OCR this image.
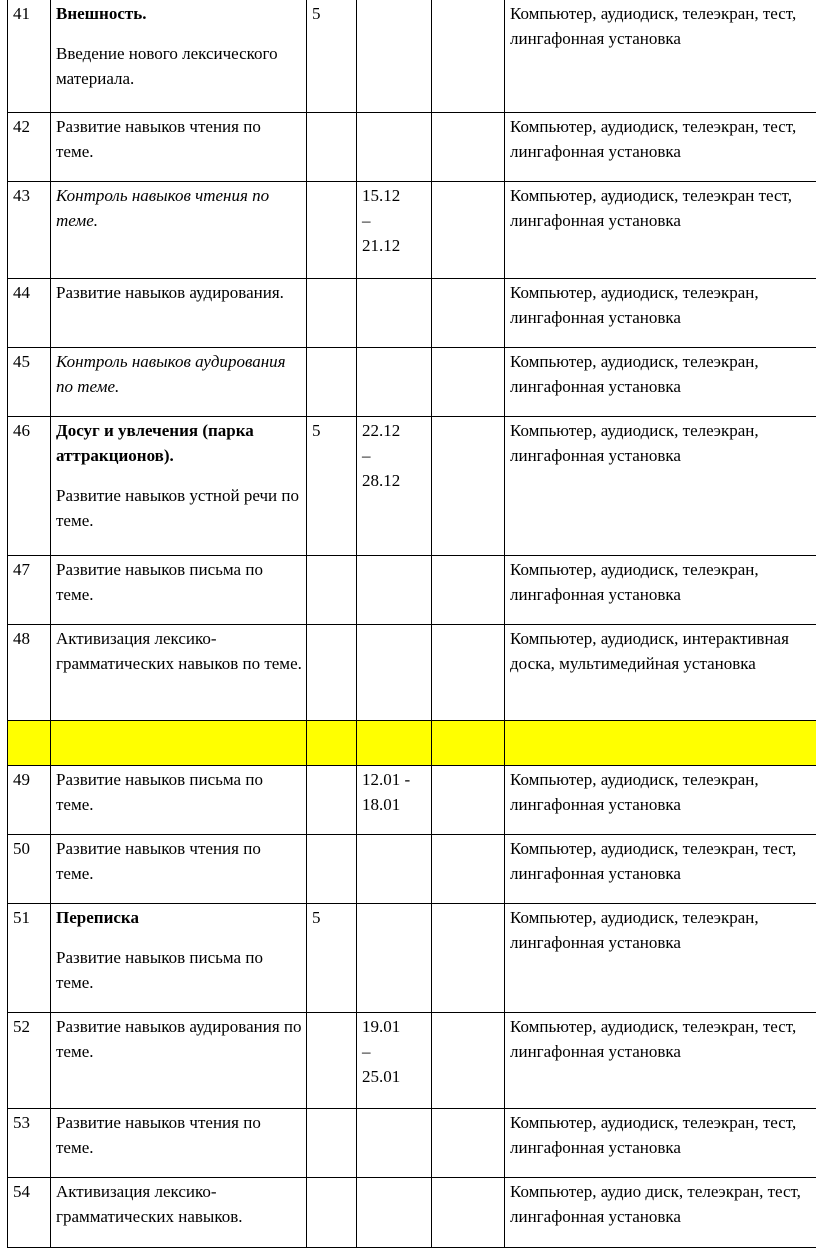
41	Внешность.
Введение нового лексического материала.	5			Компьютер, аудиодиск, телеэкран, тест, лингафонная установка
42	Развитие навыков чтения по теме.				Компьютер, аудиодиск, телеэкран, тест, лингафонная установка
43	Контроль навыков чтения по теме.		15.12
–
21.12		Компьютер, аудиодиск, телеэкран тест, лингафонная установка
44	Развитие навыков аудирования.				Компьютер, аудиодиск, телеэкран, лингафонная установка
45	Контроль навыков аудирования по теме.				Компьютер, аудиодиск, телеэкран, лингафонная установка
46	Досуг и увлечения (парка аттракционов).
Развитие навыков устной речи по теме.	5	22.12
–
28.12		Компьютер, аудиодиск, телеэкран, лингафонная установка
47	Развитие навыков письма по теме.				Компьютер, аудиодиск, телеэкран, лингафонная установка
48	Активизация лексико-грамматических навыков по теме.				Компьютер, аудиодиск, интерактивная доска, мультимедийная установка

49	Развитие навыков письма по теме.		12.01 -
18.01		Компьютер, аудиодиск, телеэкран, лингафонная установка
50	Развитие навыков чтения по теме.				Компьютер, аудиодиск, телеэкран, тест, лингафонная установка
51	Переписка
Развитие навыков письма по теме.	5			Компьютер, аудиодиск, телеэкран, лингафонная установка
52	Развитие навыков аудирования по теме.		19.01
–
25.01		Компьютер, аудиодиск, телеэкран, тест, лингафонная установка
53	Развитие навыков чтения по теме.				Компьютер, аудиодиск, телеэкран, тест, лингафонная установка
54	Активизация лексико-грамматических навыков.				Компьютер, аудио диск, телеэкран, тест, лингафонная установка
